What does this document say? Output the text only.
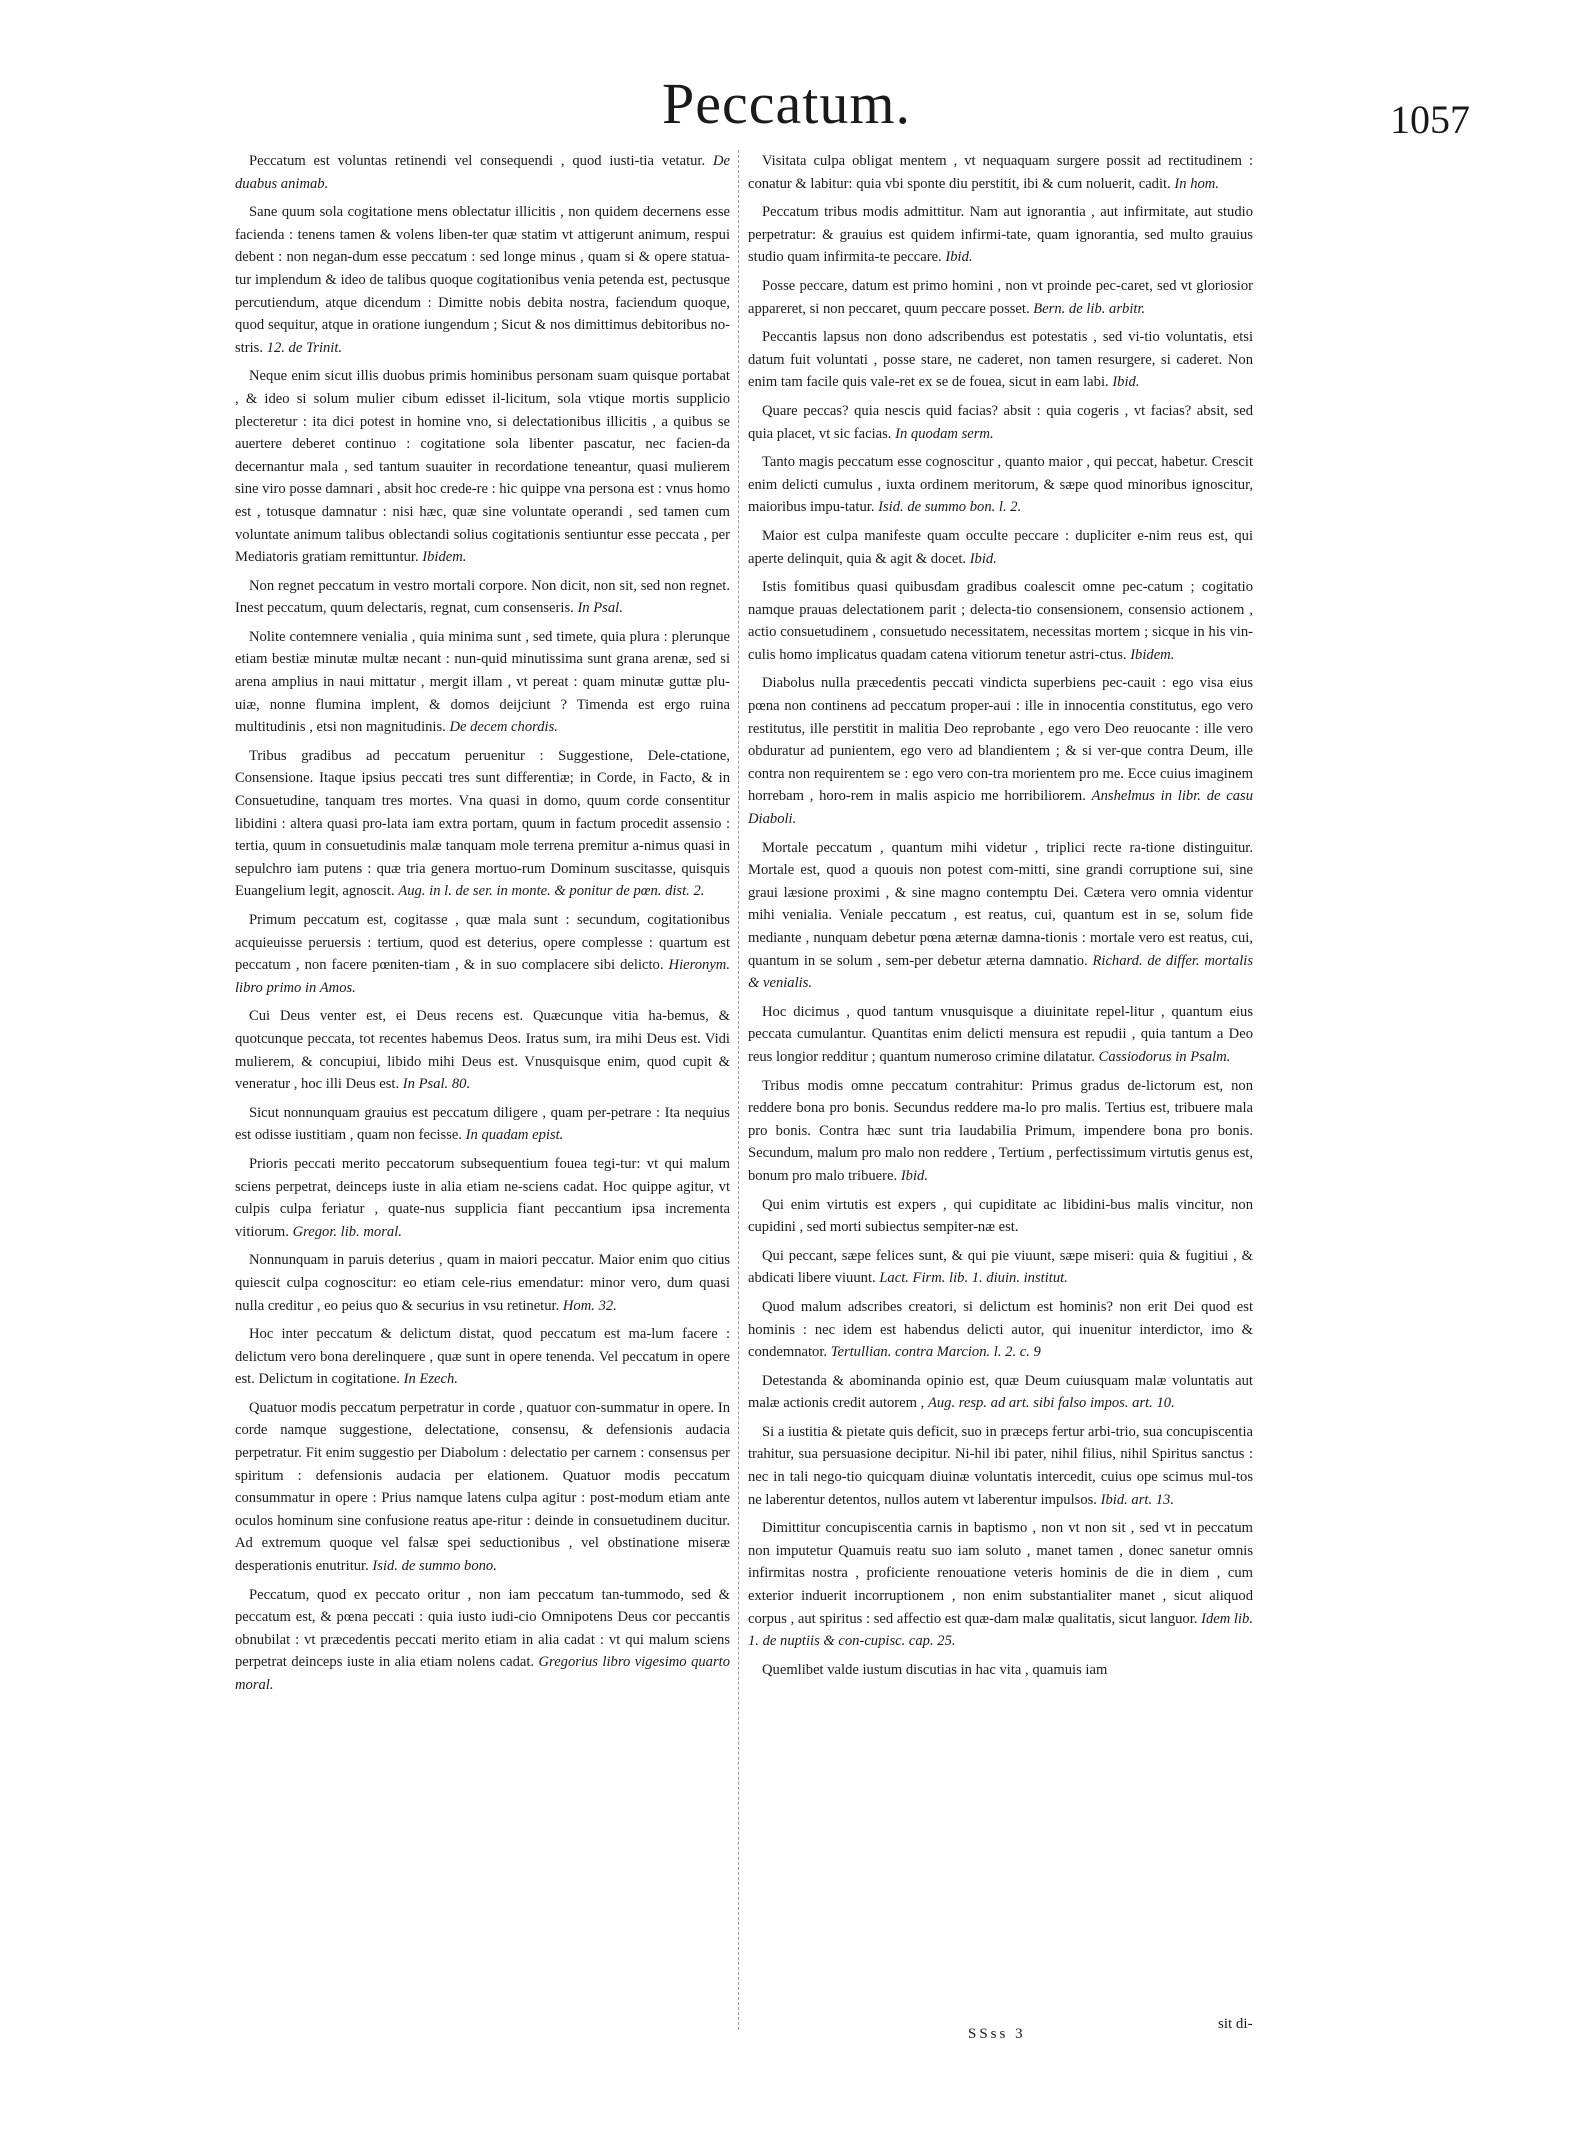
Peccatum.	1057

Peccatum est voluntas retinendi vel consequendi , quod iusti-tia vetatur. De duabus animab.

Sane quum sola cogitatione mens oblectatur illicitis , non quidem decernens esse facienda : tenens tamen & volens liben-ter quæ statim vt attigerunt animum, respui debent : non negan-dum esse peccatum : sed longe minus , quam si & opere statua-tur implendum & ideo de talibus quoque cogitationibus venia petenda est, pectusque percutiendum, atque dicendum : Dimitte nobis debita nostra, faciendum quoque, quod sequitur, atque in oratione iungendum ; Sicut & nos dimittimus debitoribus no-stris. 12. de Trinit.

Neque enim sicut illis duobus primis hominibus personam suam quisque portabat , & ideo si solum mulier cibum edisset il-licitum, sola vtique mortis supplicio plecteretur : ita dici potest in homine vno, si delectationibus illicitis , a quibus se auertere deberet continuo : cogitatione sola libenter pascatur, nec facien-da decernantur mala , sed tantum suauiter in recordatione teneantur, quasi mulierem sine viro posse damnari , absit hoc crede-re : hic quippe vna persona est : vnus homo est , totusque damnatur : nisi hæc, quæ sine voluntate operandi , sed tamen cum voluntate animum talibus oblectandi solius cogitationis sentiuntur esse peccata , per Mediatoris gratiam remittuntur. Ibidem.

Non regnet peccatum in vestro mortali corpore. Non dicit, non sit, sed non regnet. Inest peccatum, quum delectaris, regnat, cum consenseris. In Psal.

Nolite contemnere venialia , quia minima sunt , sed timete, quia plura : plerunque etiam bestiæ minutæ multæ necant : nun-quid minutissima sunt grana arenæ, sed si arena amplius in naui mittatur , mergit illam , vt pereat : quam minutæ guttæ plu-uiæ, nonne flumina implent, & domos deijciunt ? Timenda est ergo ruina multitudinis , etsi non magnitudinis. De decem chordis.

Tribus gradibus ad peccatum peruenitur : Suggestione, Dele-ctatione, Consensione. Itaque ipsius peccati tres sunt differentiæ; in Corde, in Facto, & in Consuetudine, tanquam tres mortes. Vna quasi in domo, quum corde consentitur libidini : altera quasi pro-lata iam extra portam, quum in factum procedit assensio : tertia, quum in consuetudinis malæ tanquam mole terrena premitur a-nimus quasi in sepulchro iam putens : quæ tria genera mortuo-rum Dominum suscitasse, quisquis Euangelium legit, agnoscit. Aug. in l. de ser. in monte. & ponitur de pœn. dist. 2.

Primum peccatum est, cogitasse , quæ mala sunt : secundum, cogitationibus acquieuisse peruersis : tertium, quod est deterius, opere complesse : quartum est peccatum , non facere pœniten-tiam , & in suo complacere sibi delicto. Hieronym. libro primo in Amos.

Cui Deus venter est, ei Deus recens est. Quæcunque vitia ha-bemus, & quotcunque peccata, tot recentes habemus Deos. Iratus sum, ira mihi Deus est. Vidi mulierem, & concupiui, libido mihi Deus est. Vnusquisque enim, quod cupit & veneratur , hoc illi Deus est. In Psal. 80.

Sicut nonnunquam grauius est peccatum diligere , quam per-petrare : Ita nequius est odisse iustitiam , quam non fecisse. In quadam epist.

Prioris peccati merito peccatorum subsequentium fouea tegi-tur: vt qui malum sciens perpetrat, deinceps iuste in alia etiam ne-sciens cadat. Hoc quippe agitur, vt culpis culpa feriatur , quate-nus supplicia fiant peccantium ipsa incrementa vitiorum. Gregor. lib. moral.

Nonnunquam in paruis deterius , quam in maiori peccatur. Maior enim quo citius quiescit culpa cognoscitur: eo etiam cele-rius emendatur: minor vero, dum quasi nulla creditur , eo peius quo & securius in vsu retinetur. Hom. 32.

Hoc inter peccatum & delictum distat, quod peccatum est ma-lum facere : delictum vero bona derelinquere , quæ sunt in opere tenenda. Vel peccatum in opere est. Delictum in cogitatione. In Ezech.

Quatuor modis peccatum perpetratur in corde , quatuor con-summatur in opere. In corde namque suggestione, delectatione, consensu, & defensionis audacia perpetratur. Fit enim suggestio per Diabolum : delectatio per carnem : consensus per spiritum : defensionis audacia per elationem. Quatuor modis peccatum consummatur in opere : Prius namque latens culpa agitur : post-modum etiam ante oculos hominum sine confusione reatus ape-ritur : deinde in consuetudinem ducitur. Ad extremum quoque vel falsæ spei seductionibus , vel obstinatione miseræ desperationis enutritur. Isid. de summo bono.

Peccatum, quod ex peccato oritur , non iam peccatum tan-tummodo, sed & peccatum est, & pœna peccati : quia iusto iudi-cio Omnipotens Deus cor peccantis obnubilat : vt præcedentis peccati merito etiam in alia cadat : vt qui malum sciens perpetrat deinceps iuste in alia etiam nolens cadat. Gregorius libro vigesimo quarto moral.

Visitata culpa obligat mentem , vt nequaquam surgere possit ad rectitudinem : conatur & labitur: quia vbi sponte diu perstitit, ibi & cum noluerit, cadit. In hom.

Peccatum tribus modis admittitur. Nam aut ignorantia , aut infirmitate, aut studio perpetratur: & grauius est quidem infirmi-tate, quam ignorantia, sed multo grauius studio quam infirmita-te peccare. Ibid.

Posse peccare, datum est primo homini , non vt proinde pec-caret, sed vt gloriosior appareret, si non peccaret, quum peccare posset. Bern. de lib. arbitr.

Peccantis lapsus non dono adscribendus est potestatis , sed vi-tio voluntatis, etsi datum fuit voluntati , posse stare, ne caderet, non tamen resurgere, si caderet. Non enim tam facile quis vale-ret ex se de fouea, sicut in eam labi. Ibid.

Quare peccas? quia nescis quid facias? absit : quia cogeris , vt facias? absit, sed quia placet, vt sic facias. In quodam serm.

Tanto magis peccatum esse cognoscitur , quanto maior , qui peccat, habetur. Crescit enim delicti cumulus , iuxta ordinem meritorum, & sæpe quod minoribus ignoscitur, maioribus impu-tatur. Isid. de summo bon. l. 2.

Maior est culpa manifeste quam occulte peccare : dupliciter e-nim reus est, qui aperte delinquit, quia & agit & docet. Ibid.

Istis fomitibus quasi quibusdam gradibus coalescit omne pec-catum ; cogitatio namque prauas delectationem parit ; delecta-tio consensionem, consensio actionem , actio consuetudinem , consuetudo necessitatem, necessitas mortem ; sicque in his vin-culis homo implicatus quadam catena vitiorum tenetur astri-ctus. Ibidem.

Diabolus nulla præcedentis peccati vindicta superbiens pec-cauit : ego visa eius pœna non continens ad peccatum proper-aui : ille in innocentia constitutus, ego vero restitutus, ille perstitit in malitia Deo reprobante , ego vero Deo reuocante : ille vero obduratur ad punientem, ego vero ad blandientem ; & si ver-que contra Deum, ille contra non requirentem se : ego vero con-tra morientem pro me. Ecce cuius imaginem horrebam , horo-rem in malis aspicio me horribiliorem. Anshelmus in libr. de casu Diaboli.

Mortale peccatum , quantum mihi videtur , triplici recte ra-tione distinguitur. Mortale est, quod a quouis non potest com-mitti, sine grandi corruptione sui, sine graui læsione proximi , & sine magno contemptu Dei. Cætera vero omnia videntur mihi venialia. Veniale peccatum , est reatus, cui, quantum est in se, solum fide mediante , nunquam debetur pœna æternæ damna-tionis : mortale vero est reatus, cui, quantum in se solum , sem-per debetur æterna damnatio. Richard. de differ. mortalis & venialis.

Hoc dicimus , quod tantum vnusquisque a diuinitate repel-litur , quantum eius peccata cumulantur. Quantitas enim delicti mensura est repudii , quia tantum a Deo reus longior redditur ; quantum numeroso crimine dilatatur. Cassiodorus in Psalm.

Tribus modis omne peccatum contrahitur: Primus gradus de-lictorum est, non reddere bona pro bonis. Secundus reddere ma-lo pro malis. Tertius est, tribuere mala pro bonis. Contra hæc sunt tria laudabilia Primum, impendere bona pro bonis. Secundum, malum pro malo non reddere , Tertium , perfectissimum virtutis genus est, bonum pro malo tribuere. Ibid.

Qui enim virtutis est expers , qui cupiditate ac libidini-bus malis vincitur, non cupidini , sed morti subiectus sempiter-næ est.

Qui peccant, sæpe felices sunt, & qui pie viuunt, sæpe miseri: quia & fugitiui , & abdicati libere viuunt. Lact. Firm. lib. 1. diuin. institut.

Quod malum adscribes creatori, si delictum est hominis? non erit Dei quod est hominis : nec idem est habendus delicti autor, qui inuenitur interdictor, imo & condemnator. Tertullian. contra Marcion. l. 2. c. 9

Detestanda & abominanda opinio est, quæ Deum cuiusquam malæ voluntatis aut malæ actionis credit autorem , Aug. resp. ad art. sibi falso impos. art. 10.

Si a iustitia & pietate quis deficit, suo in præceps fertur arbi-trio, sua concupiscentia trahitur, sua persuasione decipitur. Ni-hil ibi pater, nihil filius, nihil Spiritus sanctus : nec in tali nego-tio quicquam diuinæ voluntatis intercedit, cuius ope scimus mul-tos ne laberentur detentos, nullos autem vt laberentur impulsos. Ibid. art. 13.

Dimittitur concupiscentia carnis in baptismo , non vt non sit , sed vt in peccatum non imputetur Quamuis reatu suo iam soluto , manet tamen , donec sanetur omnis infirmitas nostra , proficiente renouatione veteris hominis de die in diem , cum exterior induerit incorruptionem , non enim substantialiter manet , sicut aliquod corpus , aut spiritus : sed affectio est quæ-dam malæ qualitatis, sicut languor. Idem lib. 1. de nuptiis & con-cupisc. cap. 25.

Quemlibet valde iustum discutias in hac vita , quamuis iam

SSss 3
sit di-
